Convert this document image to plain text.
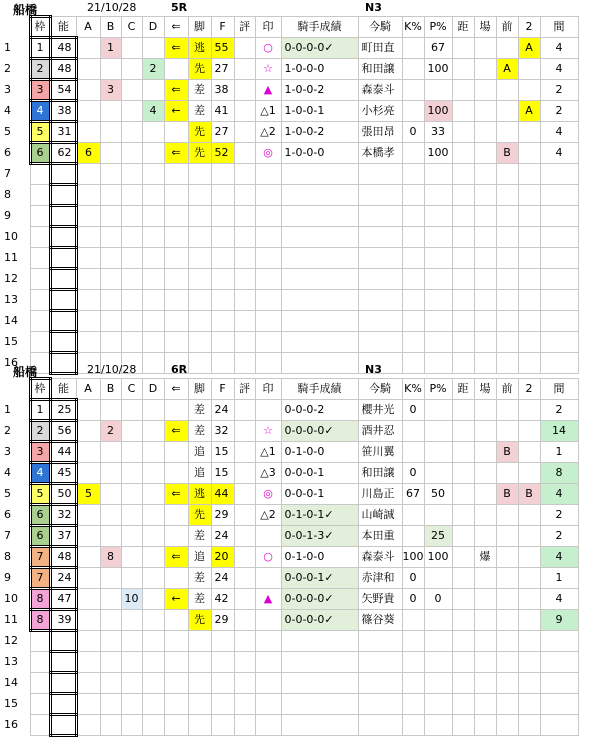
船橋	21/10/28	5R	N3
	枠	能	A	B	C	D	⇐	脚	F	評	印	騎手成績	今騎	K%	P%	距	場	前	2	間	
1	1	48		1			⇐	逃	55		○	0-0-0-0✓	町田直		67				A	4	
2	2	48				2		先	27		☆	1-0-0-0	和田譲		100			A		4	
3	3	54		3			⇐	差	38		▲	1-0-0-2	森泰斗							2	
4	4	38				4	←	差	41		△1	1-0-0-1	小杉亮		100				A	2	
5	5	31						先	27		△2	1-0-0-2	張田昂	0	33					4	
6	6	62	6				⇐	先	52		◎	1-0-0-0	本橋孝		100			B		4	
7																					
8																					
9																					
10																					
11																					
12																					
13																					
14																					
15																					
16																					
船橋	21/10/28	6R	N3
	枠	能	A	B	C	D	⇐	脚	F	評	印	騎手成績	今騎	K%	P%	距	場	前	2	間	
1	1	25						差	24			0-0-0-2	櫻井光	0						2	
2	2	56		2			⇐	差	32		☆	0-0-0-0✓	酒井忍							14	
3	3	44						追	15		△1	0-1-0-0	笹川翼					B		1	
4	4	45						追	15		△3	0-0-0-1	和田譲	0						8	
5	5	50	5				⇐	逃	44		◎	0-0-0-1	川島正	67	50			B	B	4	
6	6	32						先	29		△2	0-1-0-1✓	山崎誠							2	
7	6	37						差	24			0-0-1-3✓	本田重		25					2	
8	7	48		8			⇐	追	20		○	0-1-0-0	森泰斗	100	100		爆			4	
9	7	24						差	24			0-0-0-1✓	赤津和	0						1	
10	8	47			10		←	差	42		▲	0-0-0-0✓	矢野貴	0	0					4	
11	8	39						先	29			0-0-0-0✓	篠谷葵							9	
12																					
13																					
14																					
15																					
16																					
